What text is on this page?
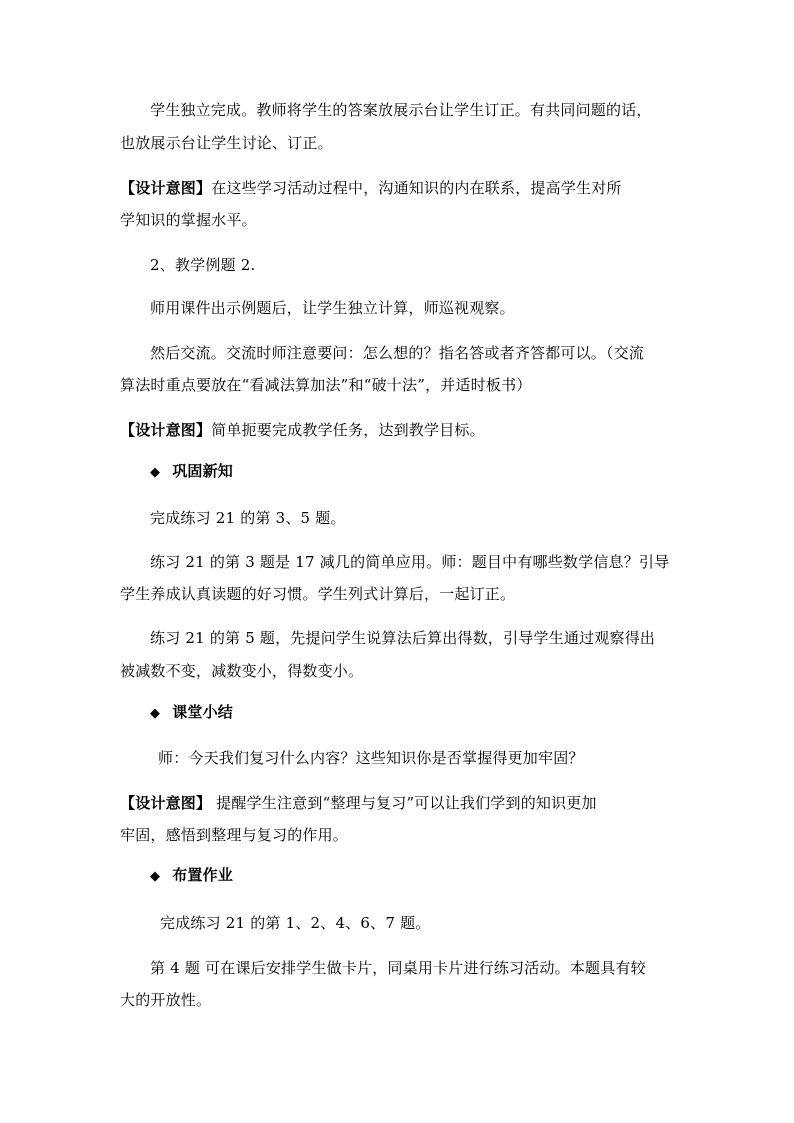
学生独立完成。教师将学生的答案放展示台让学生订正。有共同问题的话，
也放展示台让学生讨论、订正。
【设计意图】在这些学习活动过程中，沟通知识的内在联系，提高学生对所
学知识的掌握水平。
2、教学例题 2.
师用课件出示例题后，让学生独立计算，师巡视观察。
然后交流。交流时师注意要问：怎么想的？指名答或者齐答都可以。（交流
算法时重点要放在“看减法算加法”和“破十法”，并适时板书）
【设计意图】简单扼要完成教学任务，达到教学目标。
◆ 巩固新知
完成练习 21 的第 3、5 题。
练习 21 的第 3 题是 17 减几的简单应用。师：题目中有哪些数学信息？引导
学生养成认真读题的好习惯。学生列式计算后，一起订正。
练习 21 的第 5 题，先提问学生说算法后算出得数，引导学生通过观察得出
被减数不变，减数变小，得数变小。
◆ 课堂小结
师：今天我们复习什么内容？这些知识你是否掌握得更加牢固？
【设计意图】 提醒学生注意到“整理与复习”可以让我们学到的知识更加
牢固，感悟到整理与复习的作用。
◆ 布置作业
完成练习 21 的第 1、2、4、6、7 题。
第 4 题 可在课后安排学生做卡片，同桌用卡片进行练习活动。本题具有较
大的开放性。
